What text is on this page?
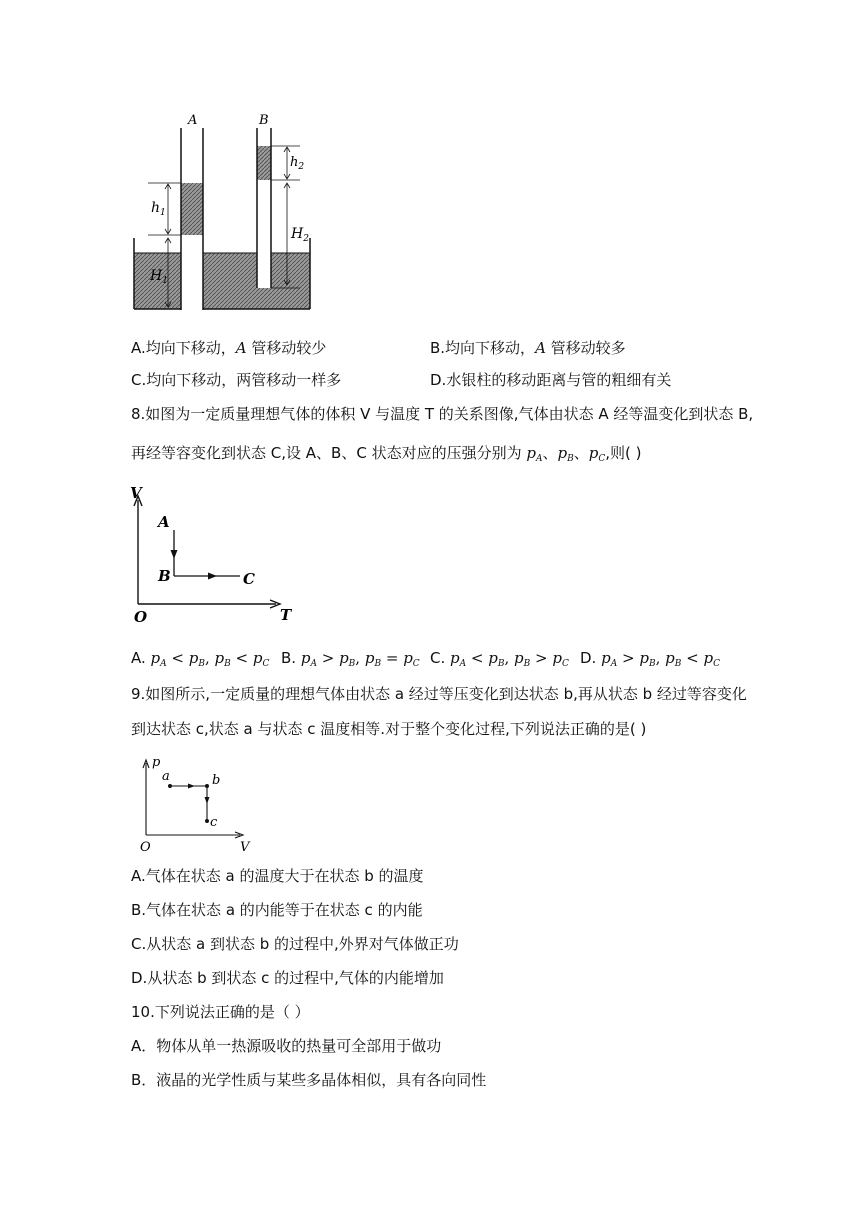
A	B
$h_1$
$H_1$
$h_2$
$H_2$
A.均向下移动，A 管移动较少	B.均向下移动，A 管移动较多
C.均向下移动，两管移动一样多	D.水银柱的移动距离与管的粗细有关
8.如图为一定质量理想气体的体积 V 与温度 T 的关系图像,气体由状态 A 经等温变化到状态 B,
再经等容变化到状态 C,设 A、B、C 状态对应的压强分别为 $p_A$、$p_B$、$p_C$,则( )
V
T
O
A
B	C
A. $p_A < p_B$, $p_B < p_C$ B. $p_A > p_B$, $p_B = p_C$ C. $p_A < p_B$, $p_B > p_C$ D. $p_A > p_B$, $p_B < p_C$
9.如图所示,一定质量的理想气体由状态 a 经过等压变化到达状态 b,再从状态 b 经过等容变化
到达状态 c,状态 a 与状态 c 温度相等.对于整个变化过程,下列说法正确的是( )
p
V
O
a	b
c
A.气体在状态 a 的温度大于在状态 b 的温度
B.气体在状态 a 的内能等于在状态 c 的内能
C.从状态 a 到状态 b 的过程中,外界对气体做正功
D.从状态 b 到状态 c 的过程中,气体的内能增加
10.下列说法正确的是（ ）
A．物体从单一热源吸收的热量可全部用于做功
B．液晶的光学性质与某些多晶体相似，具有各向同性
